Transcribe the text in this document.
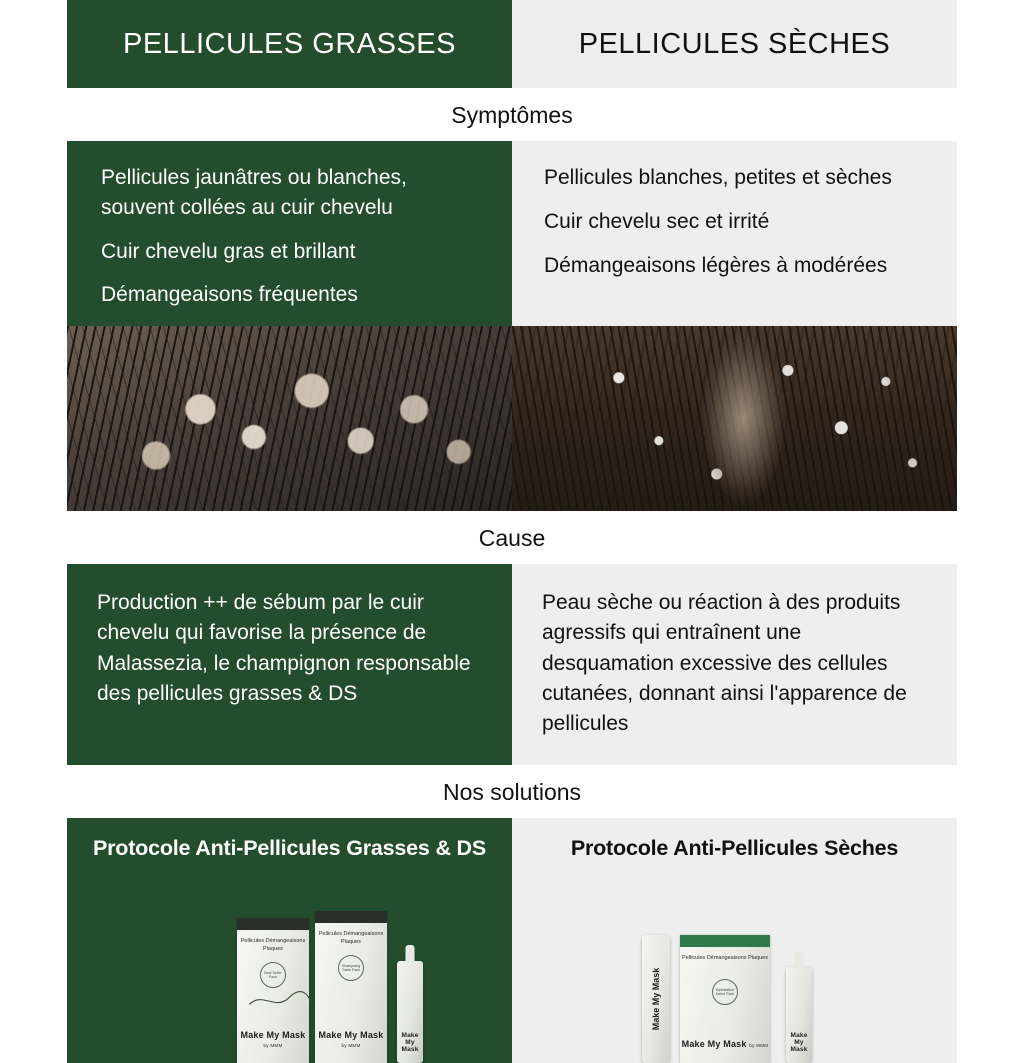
PELLICULES GRASSES	PELLICULES SÈCHES
Symptômes
Pellicules jaunâtres ou blanches, souvent collées au cuir chevelu
Cuir chevelu gras et brillant
Démangeaisons fréquentes
Pellicules blanches, petites et sèches
Cuir chevelu sec et irrité
Démangeaisons légères à modérées
Cause
Production ++ de sébum par le cuir chevelu qui favorise la présence de Malassezia, le champignon responsable des pellicules grasses & DS
Peau sèche ou réaction à des produits agressifs qui entraînent une desquamation excessive des cellules cutanées, donnant ainsi l'apparence de pellicules
Nos solutions
Protocole Anti-Pellicules Grasses & DS
Pellicules Démangeaisons Plaques
Best Seller Pack
Make My Mask by MMM
Pellicules Démangeaisons Plaques
Shampoing Traite Pack
Make My Mask by MMM
Make My Mask
Protocole Anti-Pellicules Sèches
Make My Mask
Pellicules Démangeaisons Plaques
Hydratation Detox Pack
Make My Mask by MMM
Make My Mask
